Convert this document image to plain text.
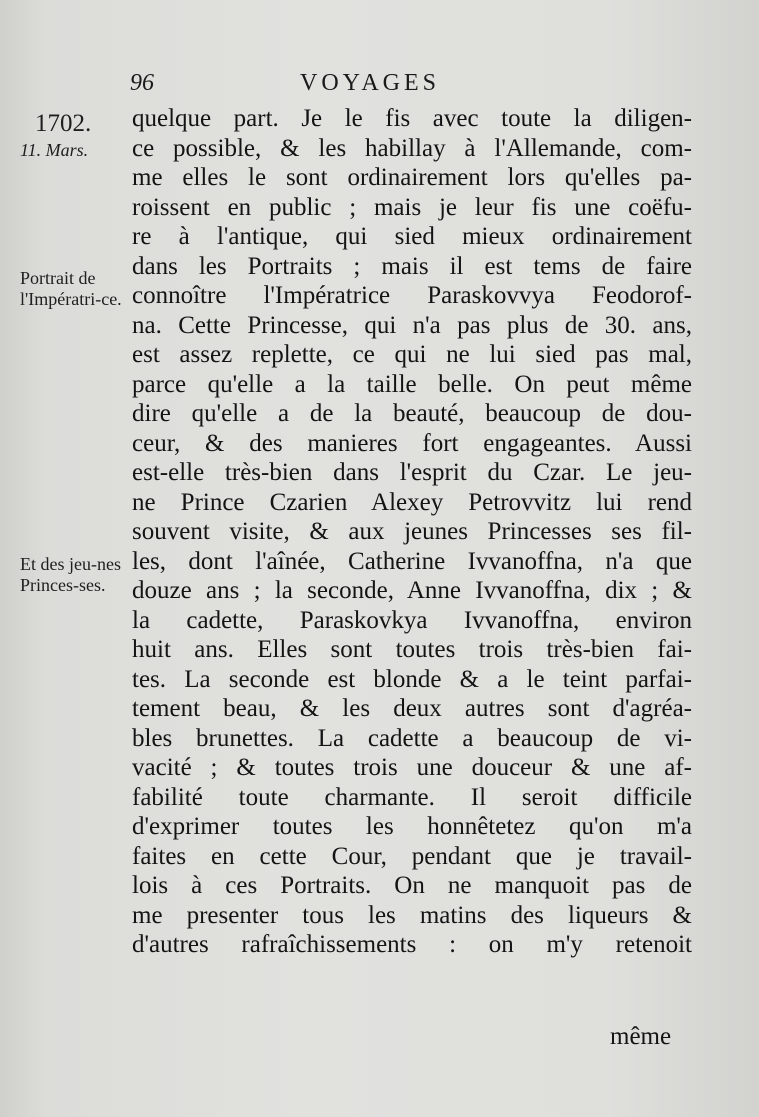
96	VOYAGES
1702.
11. Mars.
Portrait de l'Impératri-ce.
Et des jeu-nes Princes-ses.
quelque part. Je le fis avec toute la diligen-
ce possible, & les habillay à l'Allemande, com-
me elles le sont ordinairement lors qu'elles pa-
roissent en public ; mais je leur fis une coëfu-
re à l'antique, qui sied mieux ordinairement
dans les Portraits ; mais il est tems de faire
connoître l'Impératrice Paraskovvya Feodorof-
na. Cette Princesse, qui n'a pas plus de 30. ans,
est assez replette, ce qui ne lui sied pas mal,
parce qu'elle a la taille belle. On peut même
dire qu'elle a de la beauté, beaucoup de dou-
ceur, & des manieres fort engageantes. Aussi
est-elle très-bien dans l'esprit du Czar. Le jeu-
ne Prince Czarien Alexey Petrovvitz lui rend
souvent visite, & aux jeunes Princesses ses fil-
les, dont l'aînée, Catherine Ivvanoffna, n'a que
douze ans ; la seconde, Anne Ivvanoffna, dix ; &
la cadette, Paraskovkya Ivvanoffna, environ
huit ans. Elles sont toutes trois très-bien fai-
tes. La seconde est blonde & a le teint parfai-
tement beau, & les deux autres sont d'agréa-
bles brunettes. La cadette a beaucoup de vi-
vacité ; & toutes trois une douceur & une af-
fabilité toute charmante. Il seroit difficile
d'exprimer toutes les honnêtetez qu'on m'a
faites en cette Cour, pendant que je travail-
lois à ces Portraits. On ne manquoit pas de
me presenter tous les matins des liqueurs &
d'autres rafraîchissements : on m'y retenoit
même
